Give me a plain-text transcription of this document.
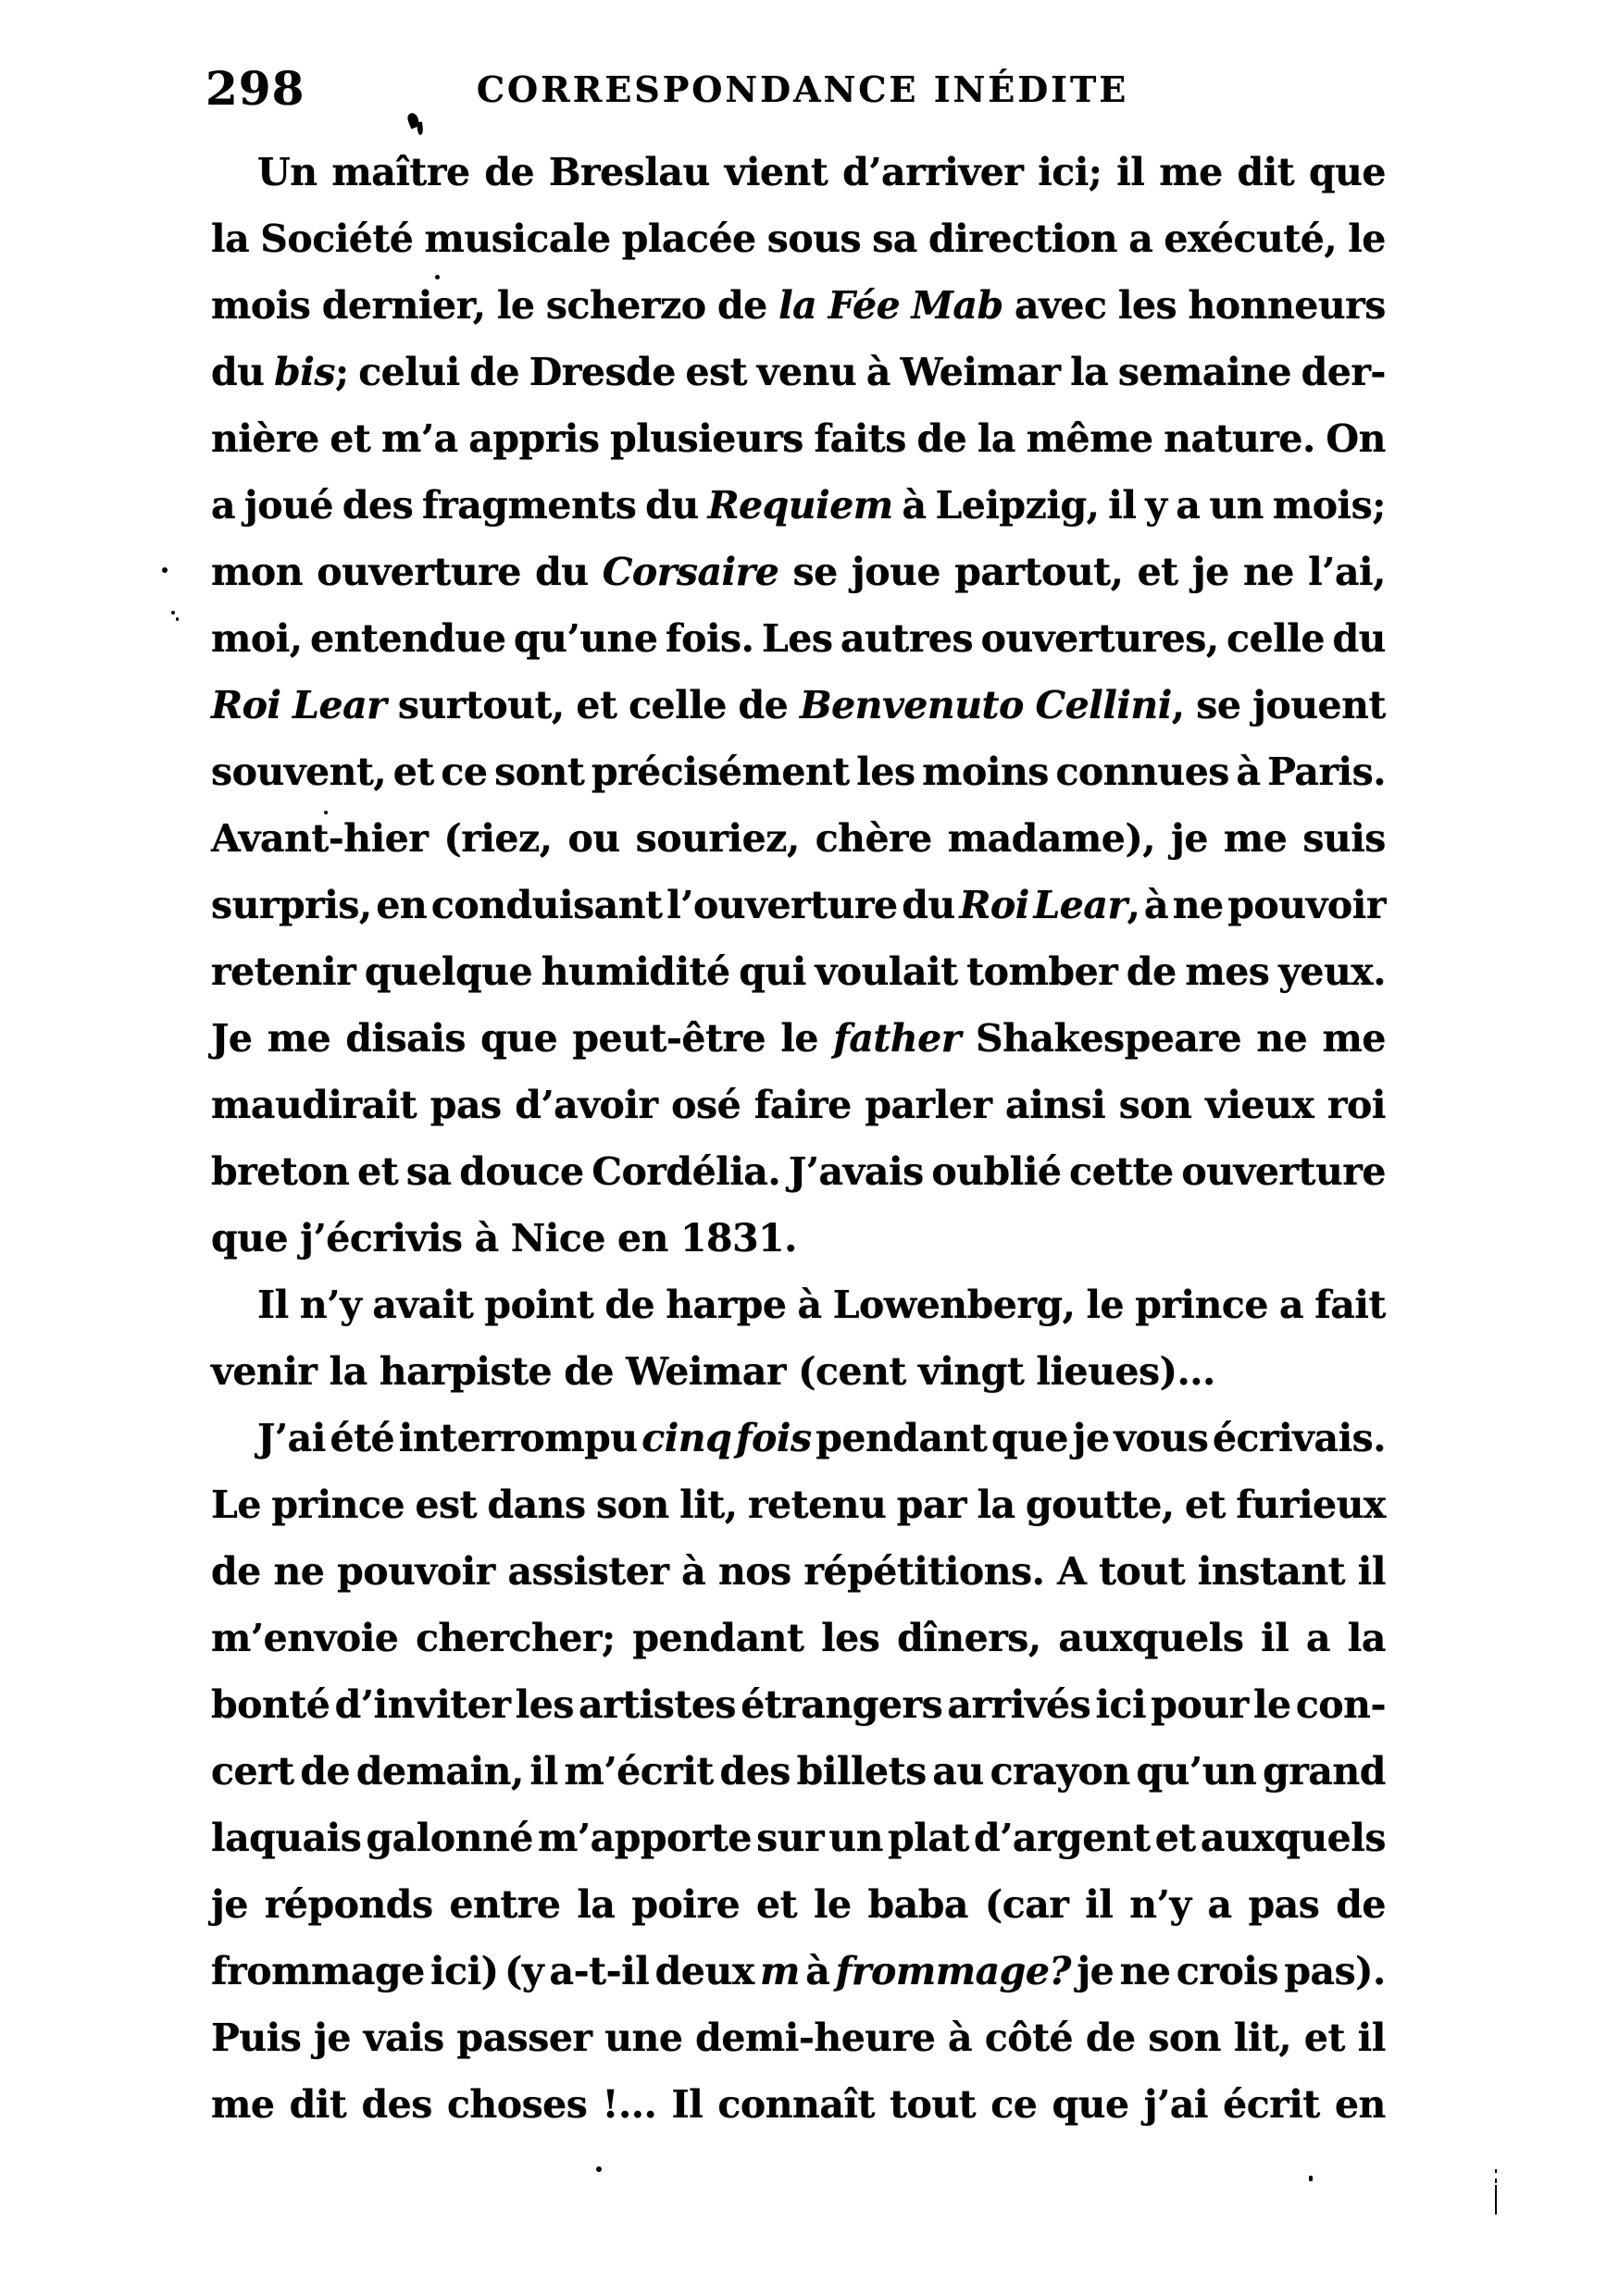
298	CORRESPONDANCE INÉDITE
Un maître de Breslau vient d’arriver ici; il me dit que
la Société musicale placée sous sa direction a exécuté, le
mois dernier, le scherzo de la Fée Mab avec les honneurs
du bis; celui de Dresde est venu à Weimar la semaine der-
nière et m’a appris plusieurs faits de la même nature. On
a joué des fragments du Requiem à Leipzig, il y a un mois;
mon ouverture du Corsaire se joue partout, et je ne l’ai,
moi, entendue qu’une fois. Les autres ouvertures, celle du
Roi Lear surtout, et celle de Benvenuto Cellini, se jouent
souvent, et ce sont précisément les moins connues à Paris.
Avant-hier (riez, ou souriez, chère madame), je me suis
surpris, en conduisant l’ouverture du Roi Lear, à ne pouvoir
retenir quelque humidité qui voulait tomber de mes yeux.
Je me disais que peut-être le father Shakespeare ne me
maudirait pas d’avoir osé faire parler ainsi son vieux roi
breton et sa douce Cordélia. J’avais oublié cette ouverture
que j’écrivis à Nice en 1831.
Il n’y avait point de harpe à Lowenberg, le prince a fait
venir la harpiste de Weimar (cent vingt lieues)...
J’ai été interrompu cinq fois pendant que je vous écrivais.
Le prince est dans son lit, retenu par la goutte, et furieux
de ne pouvoir assister à nos répétitions. A tout instant il
m’envoie chercher; pendant les dîners, auxquels il a la
bonté d’inviter les artistes étrangers arrivés ici pour le con-
cert de demain, il m’écrit des billets au crayon qu’un grand
laquais galonné m’apporte sur un plat d’argent et auxquels
je réponds entre la poire et le baba (car il n’y a pas de
frommage ici) (y a-t-il deux m à frommage? je ne crois pas).
Puis je vais passer une demi-heure à côté de son lit, et il
me dit des choses !... Il connaît tout ce que j’ai écrit en
